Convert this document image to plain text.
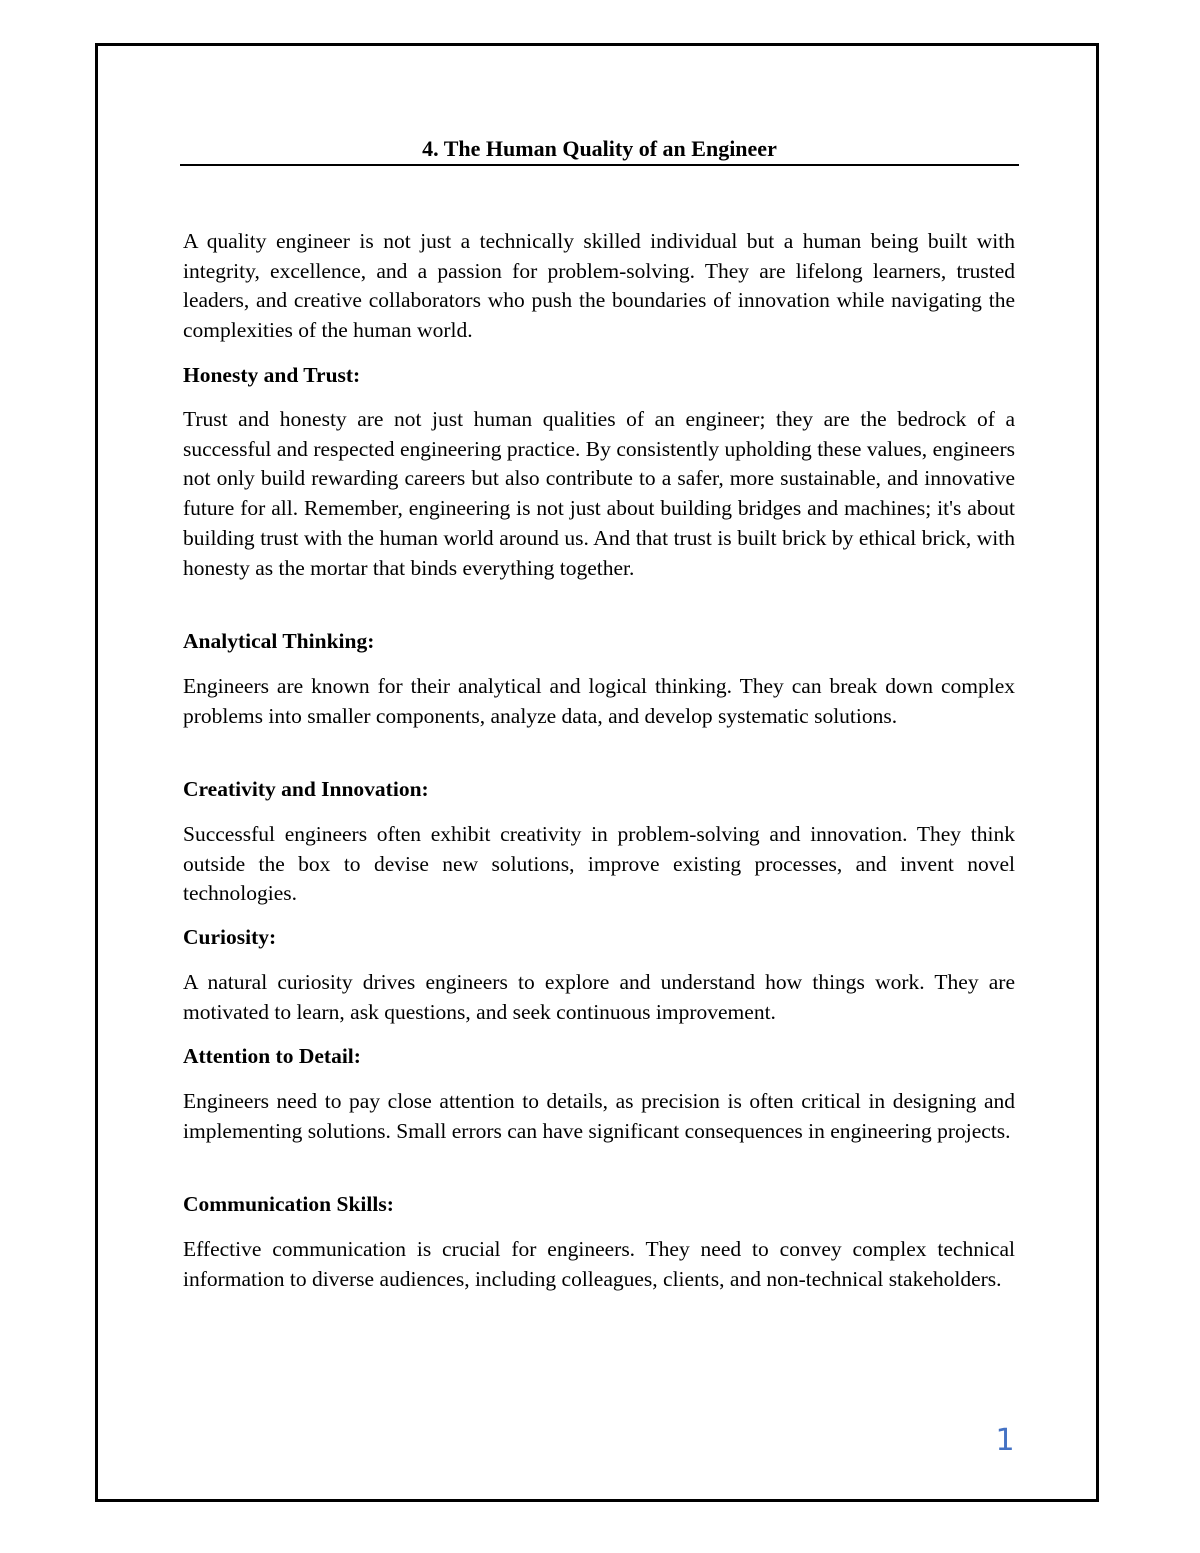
4. The Human Quality of an Engineer

A quality engineer is not just a technically skilled individual but a human being built with integrity, excellence, and a passion for problem-solving. They are lifelong learners, trusted leaders, and creative collaborators who push the boundaries of innovation while navigating the complexities of the human world.

Honesty and Trust:

Trust and honesty are not just human qualities of an engineer; they are the bedrock of a successful and respected engineering practice. By consistently upholding these values, engineers not only build rewarding careers but also contribute to a safer, more sustainable, and innovative future for all. Remember, engineering is not just about building bridges and machines; it's about building trust with the human world around us. And that trust is built brick by ethical brick, with honesty as the mortar that binds everything together.

Analytical Thinking:

Engineers are known for their analytical and logical thinking. They can break down complex problems into smaller components, analyze data, and develop systematic solutions.

Creativity and Innovation:

Successful engineers often exhibit creativity in problem-solving and innovation. They think outside the box to devise new solutions, improve existing processes, and invent novel technologies.

Curiosity:

A natural curiosity drives engineers to explore and understand how things work. They are motivated to learn, ask questions, and seek continuous improvement.

Attention to Detail:

Engineers need to pay close attention to details, as precision is often critical in designing and implementing solutions. Small errors can have significant consequences in engineering projects.

Communication Skills:

Effective communication is crucial for engineers. They need to convey complex technical information to diverse audiences, including colleagues, clients, and non-technical stakeholders.

1
